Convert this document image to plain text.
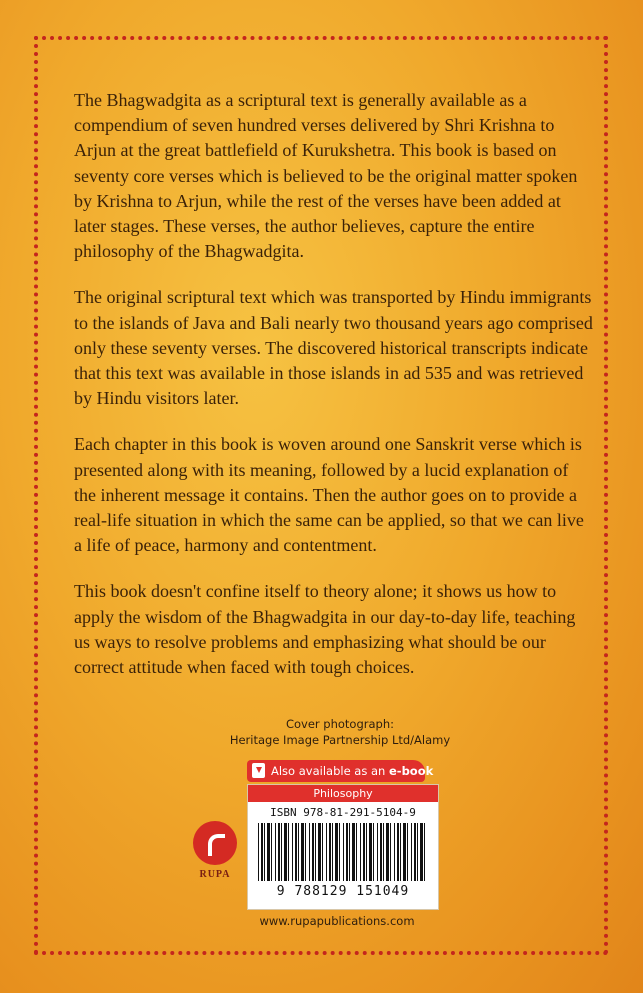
The Bhagwadgita as a scriptural text is generally available as a compendium of seven hundred verses delivered by Shri Krishna to Arjun at the great battlefield of Kurukshetra. This book is based on seventy core verses which is believed to be the original matter spoken by Krishna to Arjun, while the rest of the verses have been added at later stages. These verses, the author believes, capture the entire philosophy of the Bhagwadgita.

The original scriptural text which was transported by Hindu immigrants to the islands of Java and Bali nearly two thousand years ago comprised only these seventy verses. The discovered historical transcripts indicate that this text was available in those islands in ad 535 and was retrieved by Hindu visitors later.

Each chapter in this book is woven around one Sanskrit verse which is presented along with its meaning, followed by a lucid explanation of the inherent message it contains. Then the author goes on to provide a real-life situation in which the same can be applied, so that we can live a life of peace, harmony and contentment.

This book doesn't confine itself to theory alone; it shows us how to apply the wisdom of the Bhagwadgita in our day-to-day life, teaching us ways to resolve problems and emphasizing what should be our correct attitude when faced with tough choices.

Cover photograph:
Heritage Image Partnership Ltd/Alamy
Also available as an e-book
Philosophy
ISBN 978-81-291-5104-9
9 788129 151049
RUPA
www.rupapublications.com
